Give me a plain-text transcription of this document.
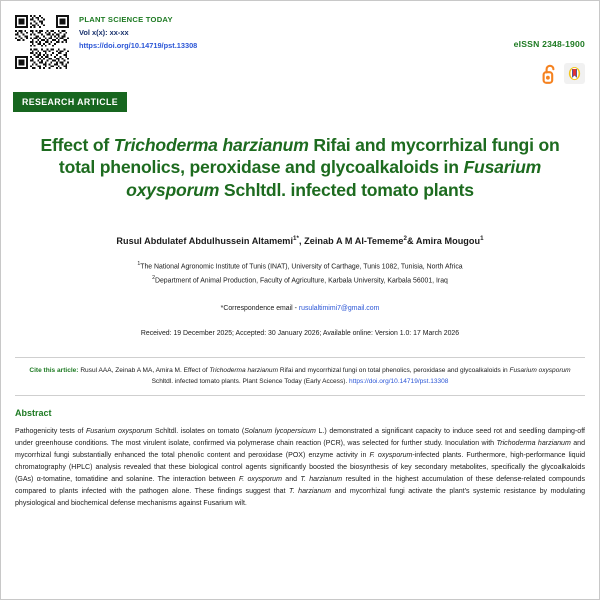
PLANT SCIENCE TODAY
Vol x(x): xx-xx
https://doi.org/10.14719/pst.13308	eISSN 2348-1900
RESEARCH ARTICLE
Effect of Trichoderma harzianum Rifai and mycorrhizal fungi on total phenolics, peroxidase and glycoalkaloids in Fusarium oxysporum Schltdl. infected tomato plants
Rusul Abdulatef Abdulhussein Altamemi$^{1*}$, Zeinab A M Al-Tememe$^2$& Amira Mougou$^1$
$^1$The National Agronomic Institute of Tunis (INAT), University of Carthage, Tunis 1082, Tunisia, North Africa
$^2$Department of Animal Production, Faculty of Agriculture, Karbala University, Karbala 56001, Iraq
*Correspondence email - rusulaltimimi7@gmail.com
Received: 19 December 2025; Accepted: 30 January 2026; Available online: Version 1.0: 17 March 2026
Cite this article: Rusul AAA, Zeinab A MA, Amira M. Effect of Trichoderma harzianum Rifai and mycorrhizal fungi on total phenolics, peroxidase and glycoalkaloids in Fusarium oxysporum Schltdl. infected tomato plants. Plant Science Today (Early Access). https://doi.org/10.14719/pst.13308
Abstract
Pathogenicity tests of Fusarium oxysporum Schltdl. isolates on tomato (Solanum lycopersicum L.) demonstrated a significant capacity to induce seed rot and seedling damping-off under greenhouse conditions. The most virulent isolate, confirmed via polymerase chain reaction (PCR), was selected for further study. Inoculation with Trichoderma harzianum and mycorrhizal fungi substantially enhanced the total phenolic content and peroxidase (POX) enzyme activity in F. oxysporum-infected plants. Furthermore, high-performance liquid chromatography (HPLC) analysis revealed that these biological control agents significantly boosted the biosynthesis of key secondary metabolites, specifically the glycoalkaloids (GAs) α-tomatine, tomatidine and solanine. The interaction between F. oxysporum and T. harzianum resulted in the highest accumulation of these defense-related compounds compared to plants infected with the pathogen alone. These findings suggest that T. harzianum and mycorrhizal fungi activate the plant's systemic resistance by modulating physiological and biochemical defense mechanisms against Fusarium wilt.
